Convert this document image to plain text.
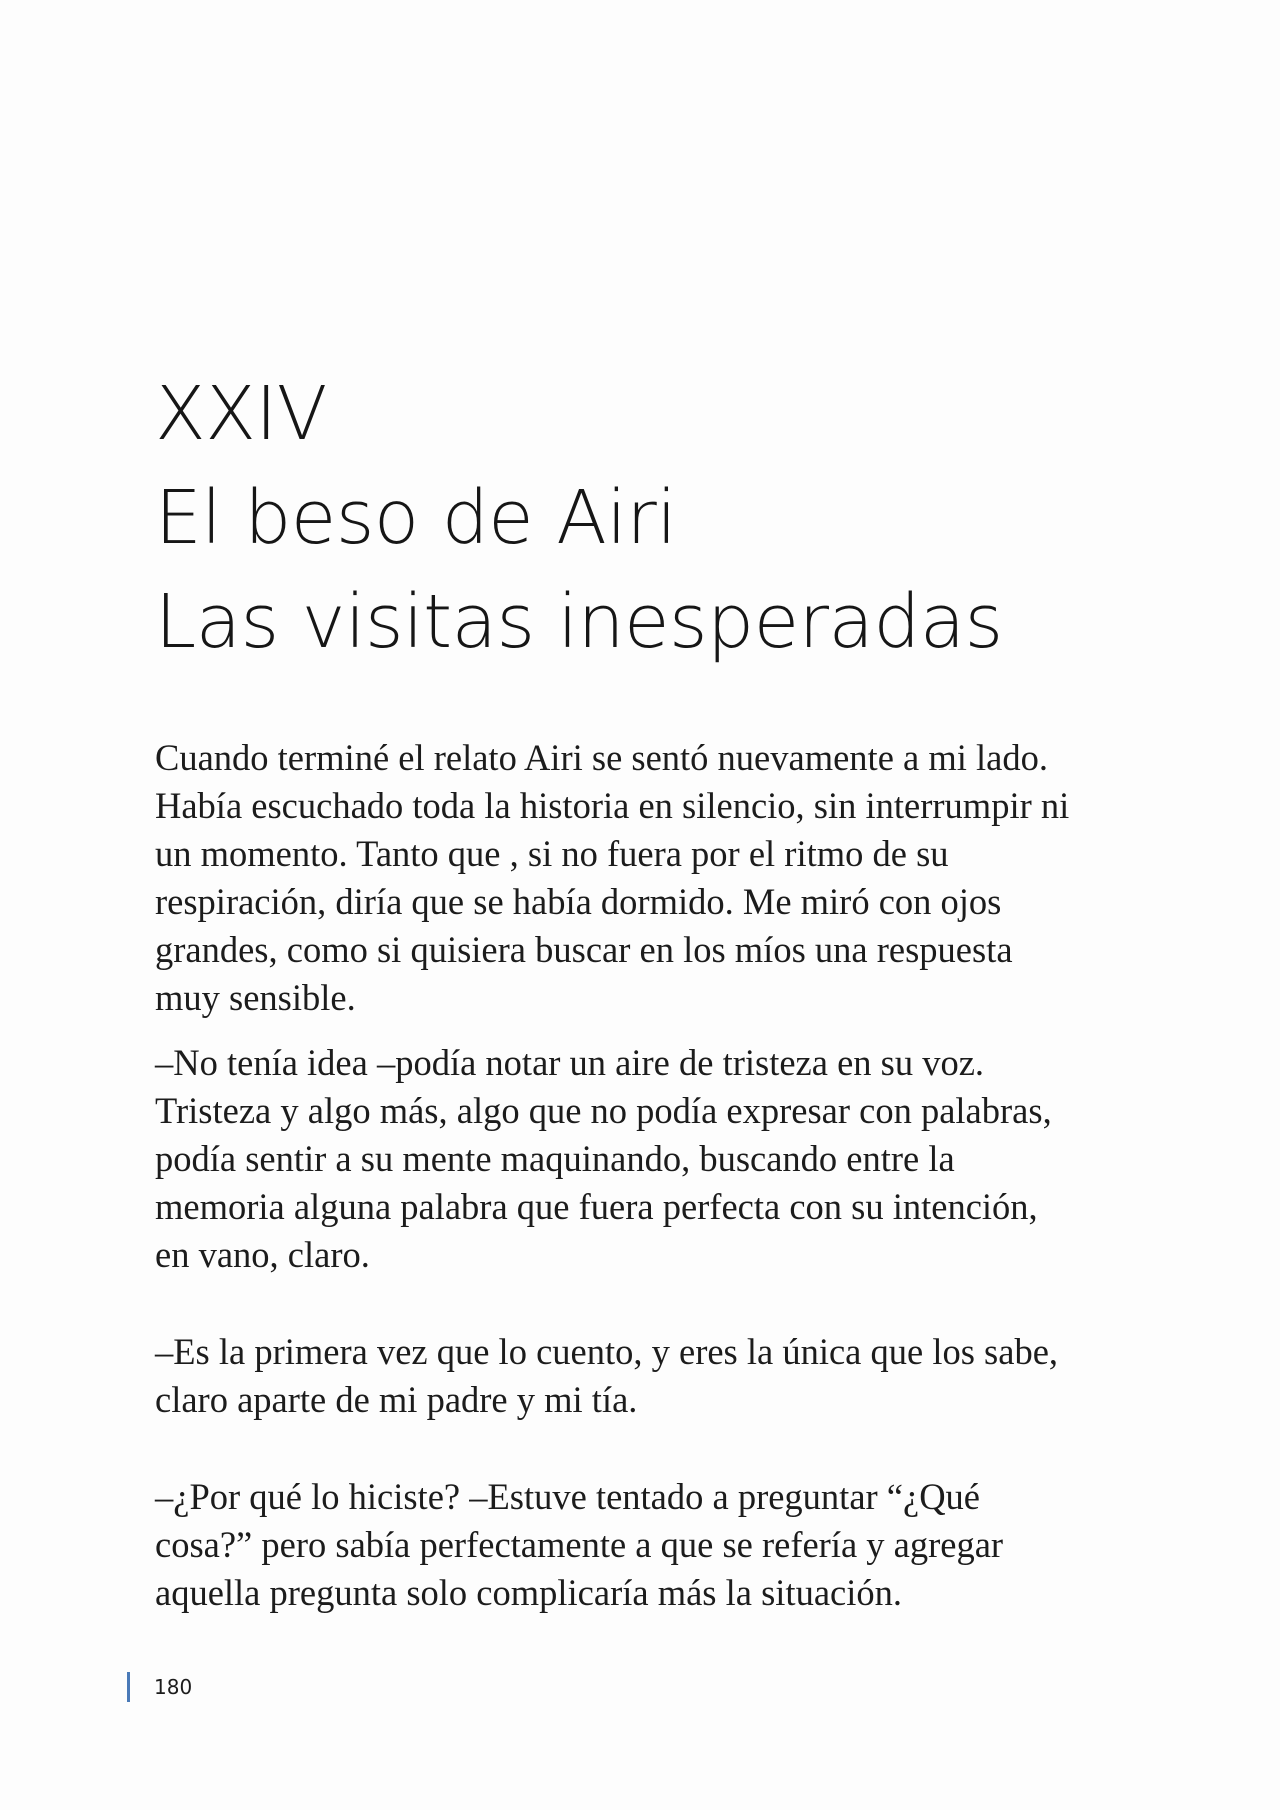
XXIV
El beso de Airi
Las visitas inesperadas

Cuando terminé el relato Airi se sentó nuevamente a mi lado.

Había escuchado toda la historia en silencio, sin interrumpir ni

un momento. Tanto que , si no fuera por el ritmo de su

respiración, diría que se había dormido. Me miró con ojos

grandes, como si quisiera buscar en los míos una respuesta

muy sensible.

–No tenía idea –podía notar un aire de tristeza en su voz.

Tristeza y algo más, algo que no podía expresar con palabras,

podía sentir a su mente maquinando, buscando entre la

memoria alguna palabra que fuera perfecta con su intención,

en vano, claro.

–Es la primera vez que lo cuento, y eres la única que los sabe,

claro aparte de mi padre y mi tía.

–¿Por qué lo hiciste? –Estuve tentado a preguntar “¿Qué

cosa?” pero sabía perfectamente a que se refería y agregar

aquella pregunta solo complicaría más la situación.

180
